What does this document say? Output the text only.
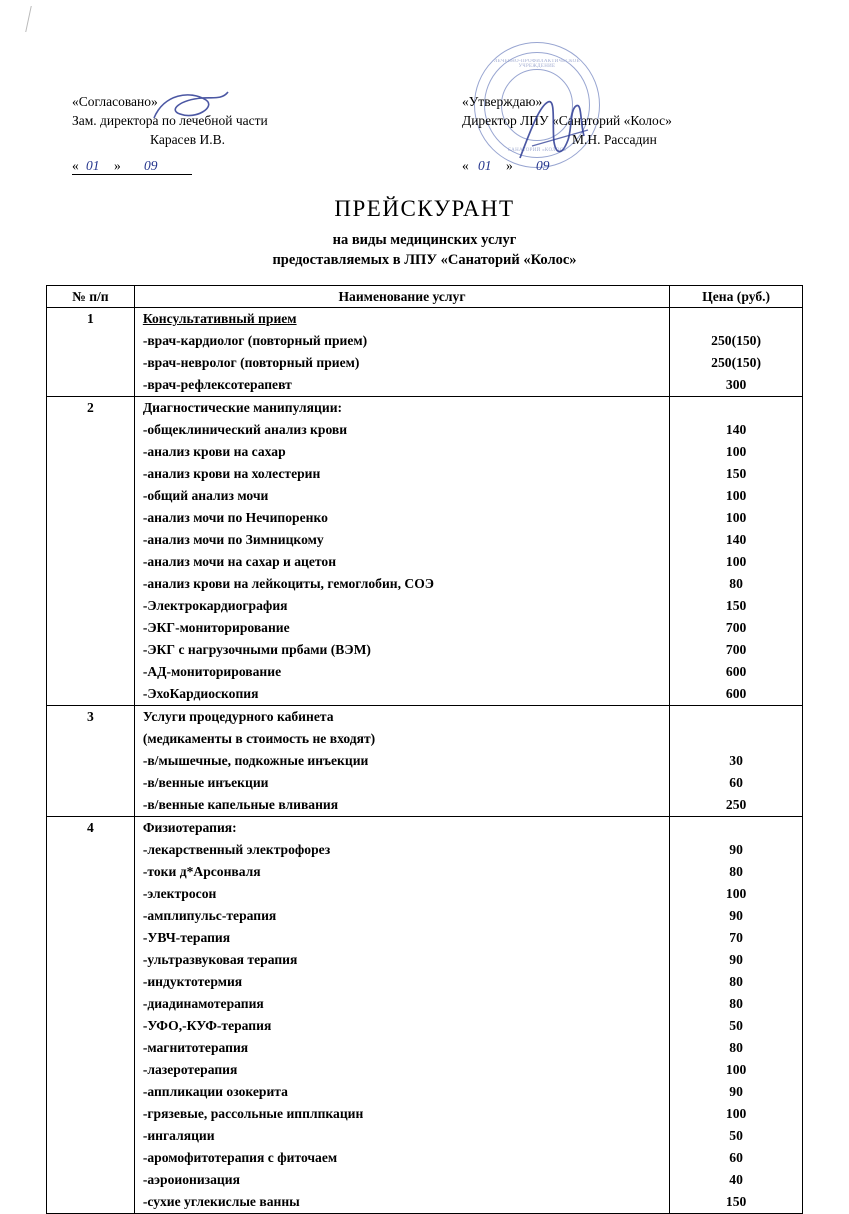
ЛЕЧЕБНО-ПРОФИЛАКТИЧЕСКОЕ УЧРЕЖДЕНИЕ
САНАТОРИЙ «КОЛОС»
«Согласовано»
Зам. директора по лечебной части
Карасев И.В.
« 01 » 09
«Утверждаю»
Директор ЛПУ «Санаторий «Колос»
М.Н. Рассадин
« 01 » 09
ПРЕЙСКУРАНТ
на виды медицинских услуг
предоставляемых в ЛПУ «Санаторий «Колос»
№ п/п	Наименование услуг	Цена (руб.)
1	Консультативный прием	
	-врач-кардиолог (повторный прием)	250(150)
	-врач-невролог (повторный прием)	250(150)
	-врач-рефлексотерапевт	300
2	Диагностические манипуляции:	
	-общеклинический анализ крови	140
	-анализ крови на сахар	100
	-анализ крови на холестерин	150
	-общий анализ мочи	100
	-анализ мочи по Нечипоренко	100
	-анализ мочи по Зимницкому	140
	-анализ мочи на сахар и ацетон	100
	-анализ крови на лейкоциты, гемоглобин, СОЭ	80
	-Электрокардиография	150
	-ЭКГ-мониторирование	700
	-ЭКГ с нагрузочными прбами (ВЭМ)	700
	-АД-мониторирование	600
	-ЭхоКардиоскопия	600
3	Услуги процедурного кабинета	
	(медикаменты в стоимость не входят)	
	-в/мышечные, подкожные инъекции	30
	-в/венные инъекции	60
	-в/венные капельные вливания	250
4	Физиотерапия:	
	-лекарственный электрофорез	90
	-токи д*Арсонваля	80
	-электросон	100
	-амплипульс-терапия	90
	-УВЧ-терапия	70
	-ультразвуковая терапия	90
	-индуктотермия	80
	-диадинамотерапия	80
	-УФО,-КУФ-терапия	50
	-магнитотерапия	80
	-лазеротерапия	100
	-аппликации озокерита	90
	-грязевые, рассольные ипплпкацин	100
	-ингаляции	50
	-аромофитотерапия с фиточаем	60
	-аэроионизация	40
	-сухие углекислые ванны	150
